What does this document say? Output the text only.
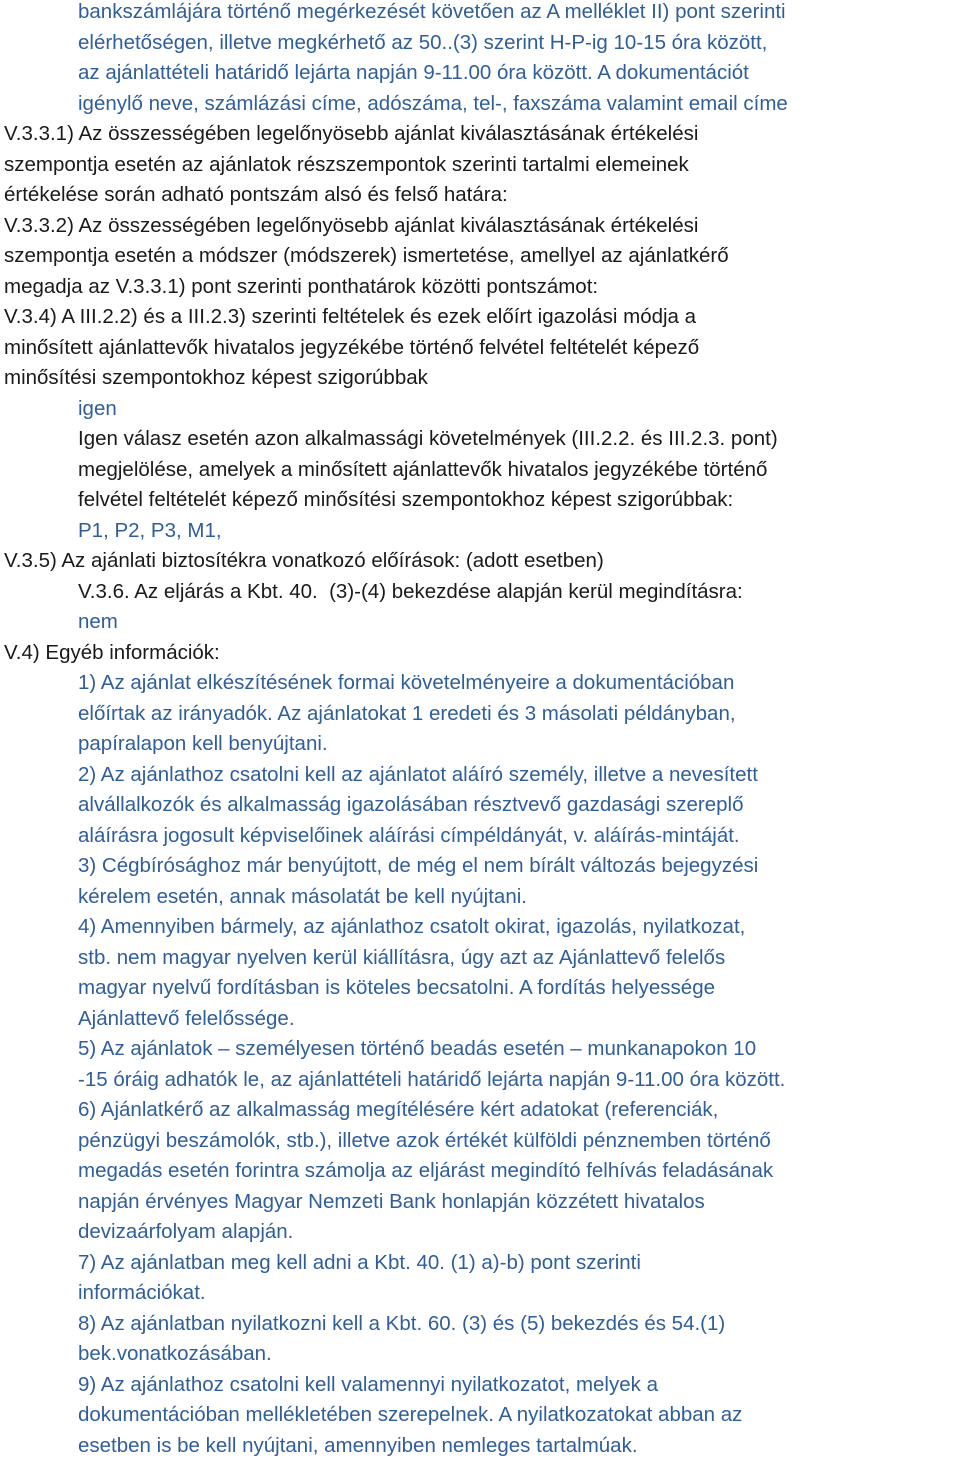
bankszámlájára történő megérkezését követően az A melléklet II) pont szerinti
elérhetőségen, illetve megkérhető az 50..(3) szerint H-P-ig 10-15 óra között,
az ajánlattételi határidő lejárta napján 9-11.00 óra között. A dokumentációt
igénylő neve, számlázási címe, adószáma, tel-, faxszáma valamint email címe
V.3.3.1) Az összességében legelőnyösebb ajánlat kiválasztásának értékelési
szempontja esetén az ajánlatok részszempontok szerinti tartalmi elemeinek
értékelése során adható pontszám alsó és felső határa:
V.3.3.2) Az összességében legelőnyösebb ajánlat kiválasztásának értékelési
szempontja esetén a módszer (módszerek) ismertetése, amellyel az ajánlatkérő
megadja az V.3.3.1) pont szerinti ponthatárok közötti pontszámot:
V.3.4) A III.2.2) és a III.2.3) szerinti feltételek és ezek előírt igazolási módja a
minősített ajánlattevők hivatalos jegyzékébe történő felvétel feltételét képező
minősítési szempontokhoz képest szigorúbbak
igen
Igen válasz esetén azon alkalmassági követelmények (III.2.2. és III.2.3. pont)
megjelölése, amelyek a minősített ajánlattevők hivatalos jegyzékébe történő
felvétel feltételét képező minősítési szempontokhoz képest szigorúbbak:
P1, P2, P3, M1,
V.3.5) Az ajánlati biztosítékra vonatkozó előírások: (adott esetben)
V.3.6. Az eljárás a Kbt. 40.  (3)-(4) bekezdése alapján kerül megindításra:
nem
V.4) Egyéb információk:
1) Az ajánlat elkészítésének formai követelményeire a dokumentációban
előírtak az irányadók. Az ajánlatokat 1 eredeti és 3 másolati példányban,
papíralapon kell benyújtani.
2) Az ajánlathoz csatolni kell az ajánlatot aláíró személy, illetve a nevesített
alvállalkozók és alkalmasság igazolásában résztvevő gazdasági szereplő
aláírásra jogosult képviselőinek aláírási címpéldányát, v. aláírás-mintáját.
3) Cégbírósághoz már benyújtott, de még el nem bírált változás bejegyzési
kérelem esetén, annak másolatát be kell nyújtani.
4) Amennyiben bármely, az ajánlathoz csatolt okirat, igazolás, nyilatkozat,
stb. nem magyar nyelven kerül kiállításra, úgy azt az Ajánlattevő felelős
magyar nyelvű fordításban is köteles becsatolni. A fordítás helyessége
Ajánlattevő felelőssége.
5) Az ajánlatok – személyesen történő beadás esetén – munkanapokon 10
-15 óráig adhatók le, az ajánlattételi határidő lejárta napján 9-11.00 óra között.
6) Ajánlatkérő az alkalmasság megítélésére kért adatokat (referenciák,
pénzügyi beszámolók, stb.), illetve azok értékét külföldi pénznemben történő
megadás esetén forintra számolja az eljárást megindító felhívás feladásának
napján érvényes Magyar Nemzeti Bank honlapján közzétett hivatalos
devizaárfolyam alapján.
7) Az ajánlatban meg kell adni a Kbt. 40. (1) a)-b) pont szerinti
információkat.
8) Az ajánlatban nyilatkozni kell a Kbt. 60. (3) és (5) bekezdés és 54.(1)
bek.vonatkozásában.
9) Az ajánlathoz csatolni kell valamennyi nyilatkozatot, melyek a
dokumentációban mellékletében szerepelnek. A nyilatkozatokat abban az
esetben is be kell nyújtani, amennyiben nemleges tartalmúak.
